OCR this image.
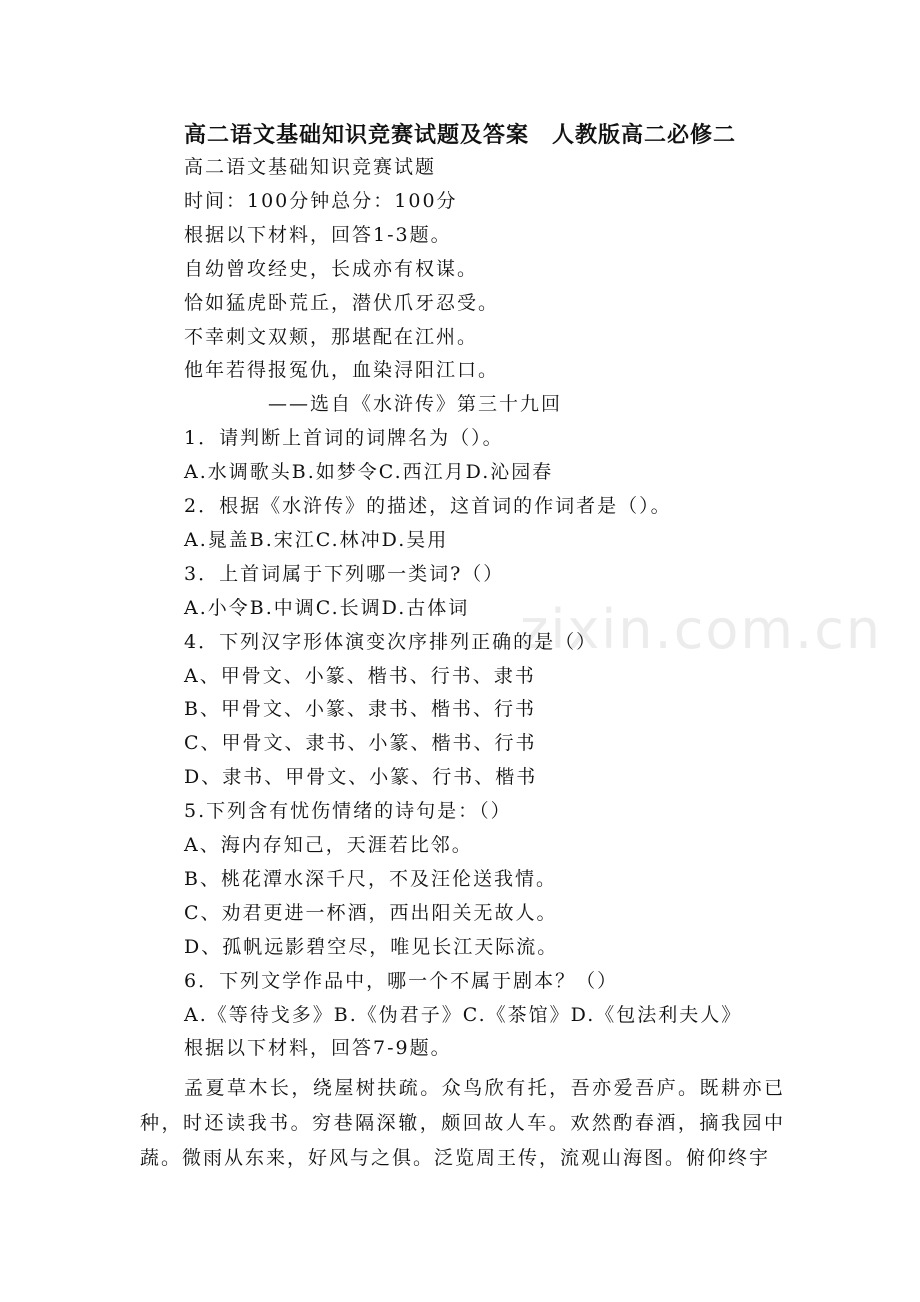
zixin.com.cn
高二语文基础知识竞赛试题及答案　人教版高二必修二
高二语文基础知识竞赛试题
时间：100分钟总分：100分
根据以下材料，回答1-3题。
自幼曾攻经史，长成亦有权谋。
恰如猛虎卧荒丘，潜伏爪牙忍受。
不幸刺文双颊，那堪配在江州。
他年若得报冤仇，血染浔阳江口。
——选自《水浒传》第三十九回
1．请判断上首词的词牌名为（）。
A.水调歌头B.如梦令C.西江月D.沁园春
2．根据《水浒传》的描述，这首词的作词者是（）。
A.晁盖B.宋江C.林冲D.吴用
3．上首词属于下列哪一类词?（）
A.小令B.中调C.长调D.古体词
4．下列汉字形体演变次序排列正确的是（）
A、甲骨文、小篆、楷书、行书、隶书
B、甲骨文、小篆、隶书、楷书、行书
C、甲骨文、隶书、小篆、楷书、行书
D、隶书、甲骨文、小篆、行书、楷书
5.下列含有忧伤情绪的诗句是：（）
A、海内存知己，天涯若比邻。
B、桃花潭水深千尺，不及汪伦送我情。
C、劝君更进一杯酒，西出阳关无故人。
D、孤帆远影碧空尽，唯见长江天际流。
6．下列文学作品中，哪一个不属于剧本？（）
A.《等待戈多》B.《伪君子》C.《茶馆》D.《包法利夫人》
根据以下材料，回答7-9题。
孟夏草木长，绕屋树扶疏。众鸟欣有托，吾亦爱吾庐。既耕亦已种，时还读我书。穷巷隔深辙，颇回故人车。欢然酌春酒，摘我园中蔬。微雨从东来，好风与之俱。泛览周王传，流观山海图。俯仰终宇
